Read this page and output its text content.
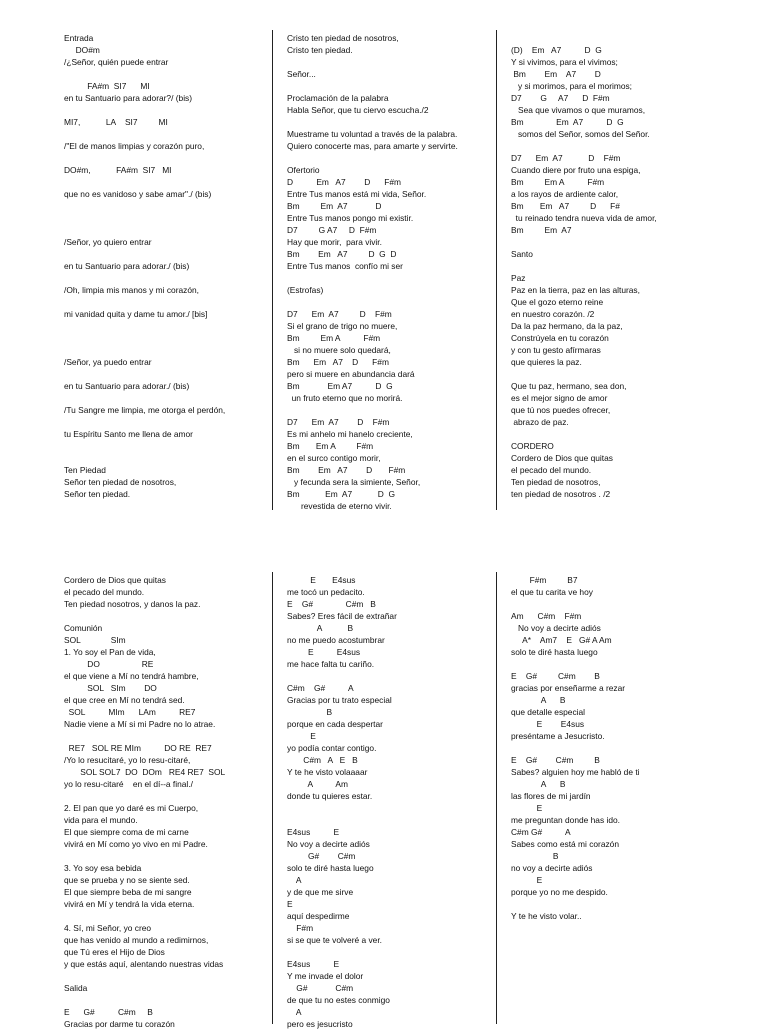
Entrada
DO#m
/¿Señor, quién puede entrar
FA#m  SI7      MI
en tu Santuario para adorar?/ (bis)
MI7,           LA    SI7         MI
/"El de manos limpias y corazón puro,
DO#m,           FA#m  SI7   MI
que no es vanidoso y sabe amar"./ (bis)
/Señor, yo quiero entrar
en tu Santuario para adorar./ (bis)
/Oh, limpia mis manos y mi corazón,
mi vanidad quita y dame tu amor./ [bis]
/Señor, ya puedo entrar
en tu Santuario para adorar./ (bis)
/Tu Sangre me limpia, me otorga el perdón,
tu Espíritu Santo me llena de amor
Ten Piedad
Señor ten piedad de nosotros,
Señor ten piedad.
Cristo ten piedad de nosotros,
Cristo ten piedad.
Señor...
Proclamación de la palabra
Habla Señor, que tu ciervo escucha./2
Muestrame tu voluntad a través de la palabra.
Quiero conocerte mas, para amarte y servirte.
Ofertorio
D          Em   A7        D      F#m
Entre Tus manos está mi vida, Señor.
Bm         Em  A7            D
Entre Tus manos pongo mi existir.
D7         G A7     D  F#m
Hay que morir,  para vivir.
Bm        Em   A7         D  G  D
Entre Tus manos  confío mi ser
(Estrofas)
D7      Em  A7         D    F#m
Si el grano de trigo no muere,
Bm         Em A          F#m
si no muere solo quedará,
Bm      Em   A7    D      F#m
pero si muere en abundancia dará
Bm            Em A7          D  G
un fruto eterno que no morirá.
D7      Em  A7        D    F#m
Es mi anhelo mi hanelo creciente,
Bm       Em A         F#m
en el surco contigo morir,
Bm        Em   A7        D       F#m
y fecunda sera la simiente, Señor,
Bm           Em  A7           D  G
revestida de eterno vivir.
(D)    Em   A7          D  G
Y si vivimos, para el vivimos;
Bm        Em    A7        D
y si morimos, para el morimos;
D7        G     A7      D  F#m
Sea que vivamos o que muramos,
Bm              Em  A7          D  G
somos del Señor, somos del Señor.
D7      Em  A7           D    F#m
Cuando diere por fruto una espiga,
Bm         Em A          F#m
a los rayos de ardiente calor,
Bm       Em   A7         D      F#
tu reinado tendra nueva vida de amor,
Bm         Em  A7
Santo
Paz
Paz en la tierra, paz en las alturas,
Que el gozo eterno reine
en nuestro corazón. /2
Da la paz hermano, da la paz,
Constrúyela en tu corazón
y con tu gesto afírmaras
que quieres la paz.
Que tu paz, hermano, sea don,
es el mejor signo de amor
que tú nos puedes ofrecer,
abrazo de paz.
CORDERO
Cordero de Dios que quitas
el pecado del mundo.
Ten piedad de nosotros,
ten piedad de nosotros . /2
Cordero de Dios que quitas
el pecado del mundo.
Ten piedad nosotros, y danos la paz.
Comunión
SOL             SIm
1. Yo soy el Pan de vida,
DO                  RE
el que viene a Mí no tendrá hambre,
SOL   SIm        DO
el que cree en Mí no tendrá sed.
SOL          MIm      LAm          RE7
Nadie viene a Mí si mi Padre no lo atrae.
RE7   SOL RE MIm          DO RE  RE7
/Yo lo resucitaré, yo lo resu-citaré,
SOL SOL7  DO  DOm   RE4 RE7  SOL
yo lo resu-citaré    en el dí--a final./
2. El pan que yo daré es mi Cuerpo,
vida para el mundo.
El que siempre coma de mi carne
vivirá en Mí como yo vivo en mi Padre.
3. Yo soy esa bebida
que se prueba y no se siente sed.
El que siempre beba de mi sangre
vivirá en Mí y tendrá la vida eterna.
4. Sí, mi Señor, yo creo
que has venido al mundo a redimirnos,
que Tú eres el Hijo de Dios
y que estás aquí, alentando nuestras vidas
Salida
E      G#          C#m     B
Gracias por darme tu corazón
E       E4sus
me tocó un pedacito.
E    G#              C#m   B
Sabes? Eres fácil de extrañar
A           B
no me puedo acostumbrar
E          E4sus
me hace falta tu cariño.
C#m    G#          A
Gracias por tu trato especial
B
porque en cada despertar
E
yo podía contar contigo.
C#m   A   E   B
Y te he visto volaaaar
A          Am
donde tu quieres estar.
E4sus          E
No voy a decirte adiós
G#        C#m
solo te diré hasta luego
A
y de que me sirve
E
aquí despedirme
F#m
si se que te volveré a ver.
E4sus          E
Y me invade el dolor
G#            C#m
de que tu no estes conmigo
A
pero es jesucristo
F#m         B7
el que tu carita ve hoy
Am      C#m    F#m
No voy a decirte adiós
A*    Am7    E   G# A Am
solo te diré hasta luego
E    G#         C#m        B
gracias por enseñarme a rezar
A      B
que detalle especial
E        E4sus
preséntame a Jesucristo.
E    G#        C#m         B
Sabes? alguien hoy me habló de ti
A      B
las flores de mi jardín
E
me preguntan donde has ido.
C#m G#          A
Sabes como está mi corazón
B
no voy a decirte adiós
E
porque yo no me despido.
Y te he visto volar..
